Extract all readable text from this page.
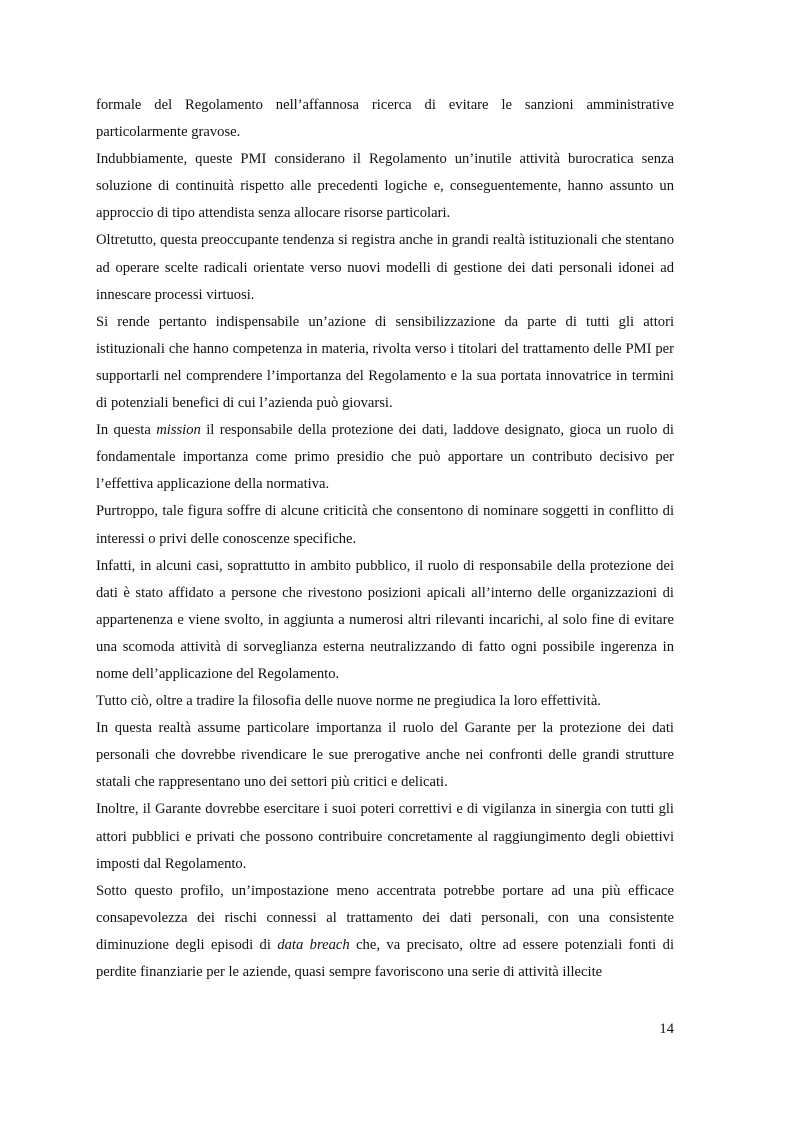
formale del Regolamento nell’affannosa ricerca di evitare le sanzioni amministrative particolarmente gravose.

Indubbiamente, queste PMI considerano il Regolamento un’inutile attività burocratica senza soluzione di continuità rispetto alle precedenti logiche e, conseguentemente, hanno assunto un approccio di tipo attendista senza allocare risorse particolari.

Oltretutto, questa preoccupante tendenza si registra anche in grandi realtà istituzionali che stentano ad operare scelte radicali orientate verso nuovi modelli di gestione dei dati personali idonei ad innescare processi virtuosi.

Si rende pertanto indispensabile un’azione di sensibilizzazione da parte di tutti gli attori istituzionali che hanno competenza in materia, rivolta verso i titolari del trattamento delle PMI per supportarli nel comprendere l’importanza del Regolamento e la sua portata innovatrice in termini di potenziali benefici di cui l’azienda può giovarsi.

In questa mission il responsabile della protezione dei dati, laddove designato, gioca un ruolo di fondamentale importanza come primo presidio che può apportare un contributo decisivo per l’effettiva applicazione della normativa.

Purtroppo, tale figura soffre di alcune criticità che consentono di nominare soggetti in conflitto di interessi o privi delle conoscenze specifiche.

Infatti, in alcuni casi, soprattutto in ambito pubblico, il ruolo di responsabile della protezione dei dati è stato affidato a persone che rivestono posizioni apicali all’interno delle organizzazioni di appartenenza e viene svolto, in aggiunta a numerosi altri rilevanti incarichi, al solo fine di evitare una scomoda attività di sorveglianza esterna neutralizzando di fatto ogni possibile ingerenza in nome dell’applicazione del Regolamento.

Tutto ciò, oltre a tradire la filosofia delle nuove norme ne pregiudica la loro effettività.

In questa realtà assume particolare importanza il ruolo del Garante per la protezione dei dati personali che dovrebbe rivendicare le sue prerogative anche nei confronti delle grandi strutture statali che rappresentano uno dei settori più critici e delicati.

Inoltre, il Garante dovrebbe esercitare i suoi poteri correttivi e di vigilanza in sinergia con tutti gli attori pubblici e privati che possono contribuire concretamente al raggiungimento degli obiettivi imposti dal Regolamento.

Sotto questo profilo, un’impostazione meno accentrata potrebbe portare ad una più efficace consapevolezza dei rischi connessi al trattamento dei dati personali, con una consistente diminuzione degli episodi di data breach che, va precisato, oltre ad essere potenziali fonti di perdite finanziarie per le aziende, quasi sempre favoriscono una serie di attività illecite

14
